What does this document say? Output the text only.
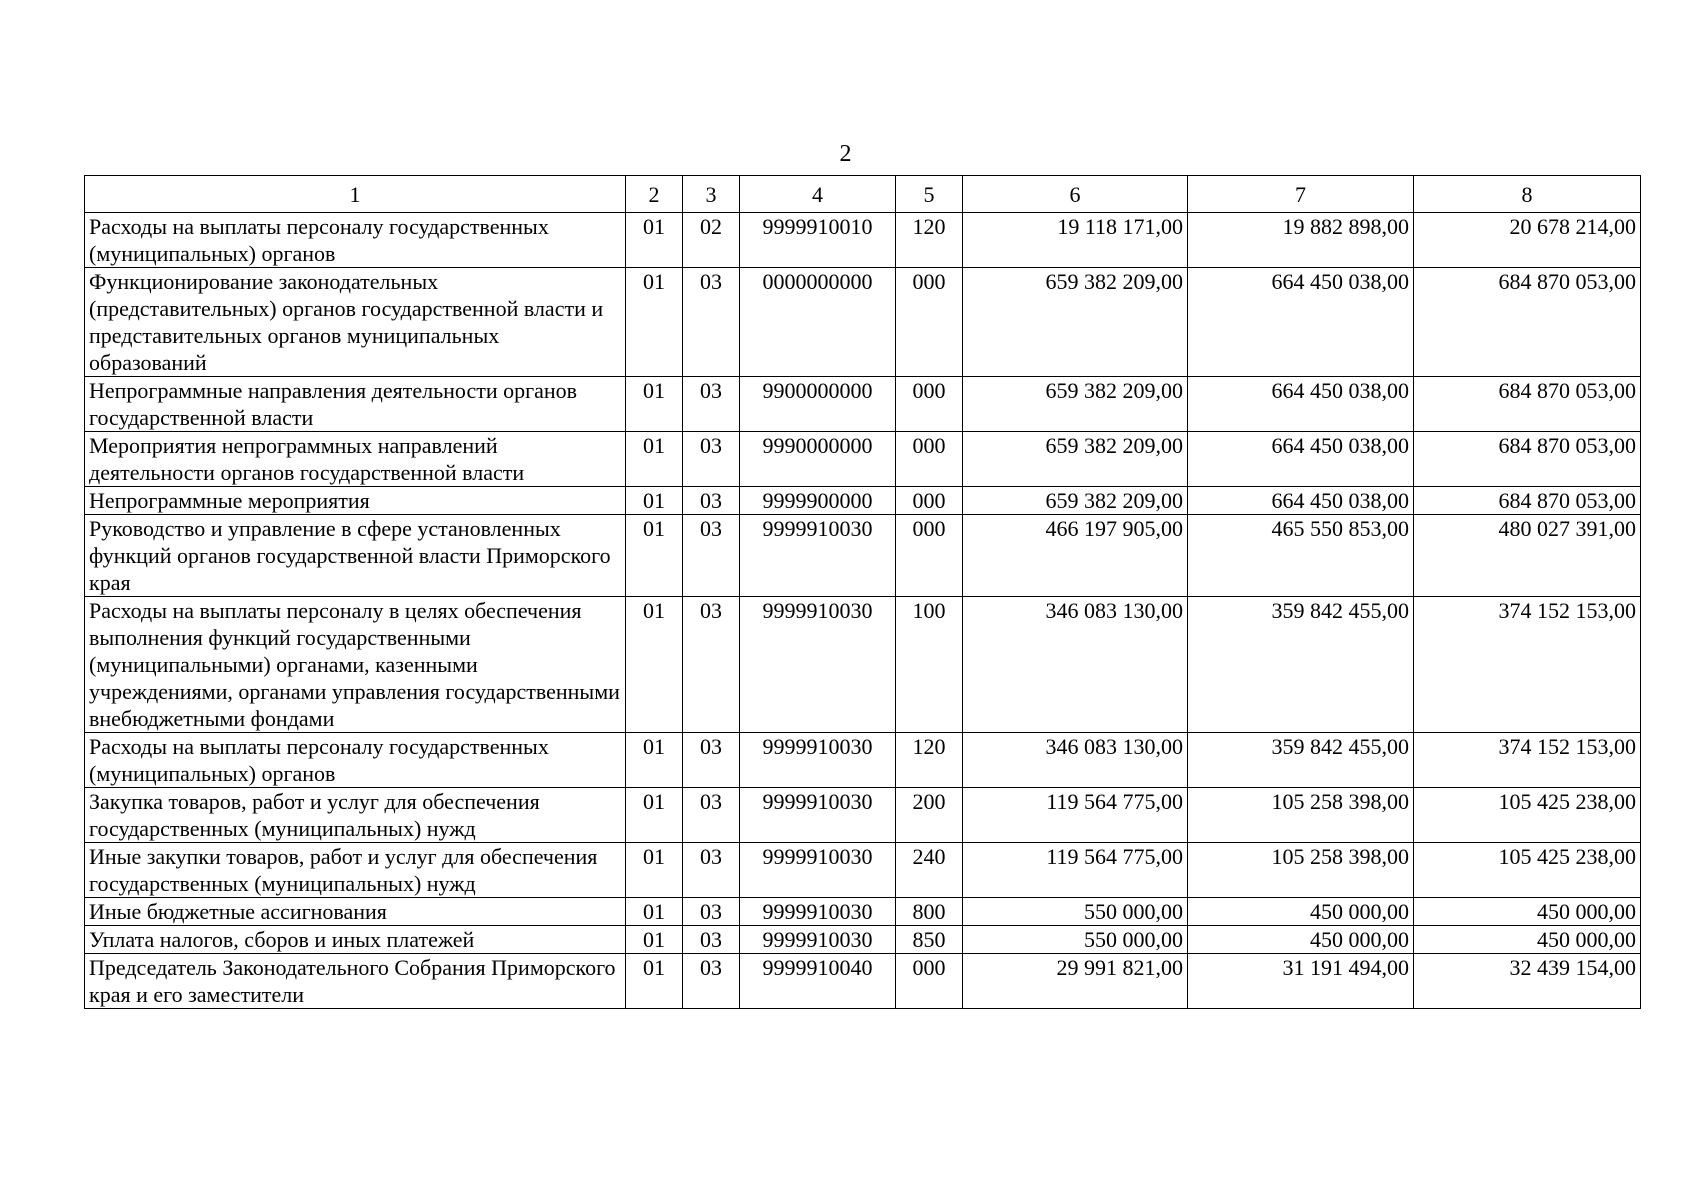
2
1	2	3	4	5	6	7	8
Расходы на выплаты персоналу государственных (муниципальных) органов	01	02	9999910010	120	19 118 171,00	19 882 898,00	20 678 214,00
Функционирование законодательных (представительных) органов государственной власти и представительных органов муниципальных образований	01	03	0000000000	000	659 382 209,00	664 450 038,00	684 870 053,00
Непрограммные направления деятельности органов государственной власти	01	03	9900000000	000	659 382 209,00	664 450 038,00	684 870 053,00
Мероприятия непрограммных направлений деятельности органов государственной власти	01	03	9990000000	000	659 382 209,00	664 450 038,00	684 870 053,00
Непрограммные мероприятия	01	03	9999900000	000	659 382 209,00	664 450 038,00	684 870 053,00
Руководство и управление в сфере установленных функций органов государственной власти Приморского края	01	03	9999910030	000	466 197 905,00	465 550 853,00	480 027 391,00
Расходы на выплаты персоналу в целях обеспечения выполнения функций государственными (муниципальными) органами, казенными учреждениями, органами управления государственными внебюджетными фондами	01	03	9999910030	100	346 083 130,00	359 842 455,00	374 152 153,00
Расходы на выплаты персоналу государственных (муниципальных) органов	01	03	9999910030	120	346 083 130,00	359 842 455,00	374 152 153,00
Закупка товаров, работ и услуг для обеспечения государственных (муниципальных) нужд	01	03	9999910030	200	119 564 775,00	105 258 398,00	105 425 238,00
Иные закупки товаров, работ и услуг для обеспечения государственных (муниципальных) нужд	01	03	9999910030	240	119 564 775,00	105 258 398,00	105 425 238,00
Иные бюджетные ассигнования	01	03	9999910030	800	550 000,00	450 000,00	450 000,00
Уплата налогов, сборов и иных платежей	01	03	9999910030	850	550 000,00	450 000,00	450 000,00
Председатель Законодательного Собрания Приморского края и его заместители	01	03	9999910040	000	29 991 821,00	31 191 494,00	32 439 154,00
